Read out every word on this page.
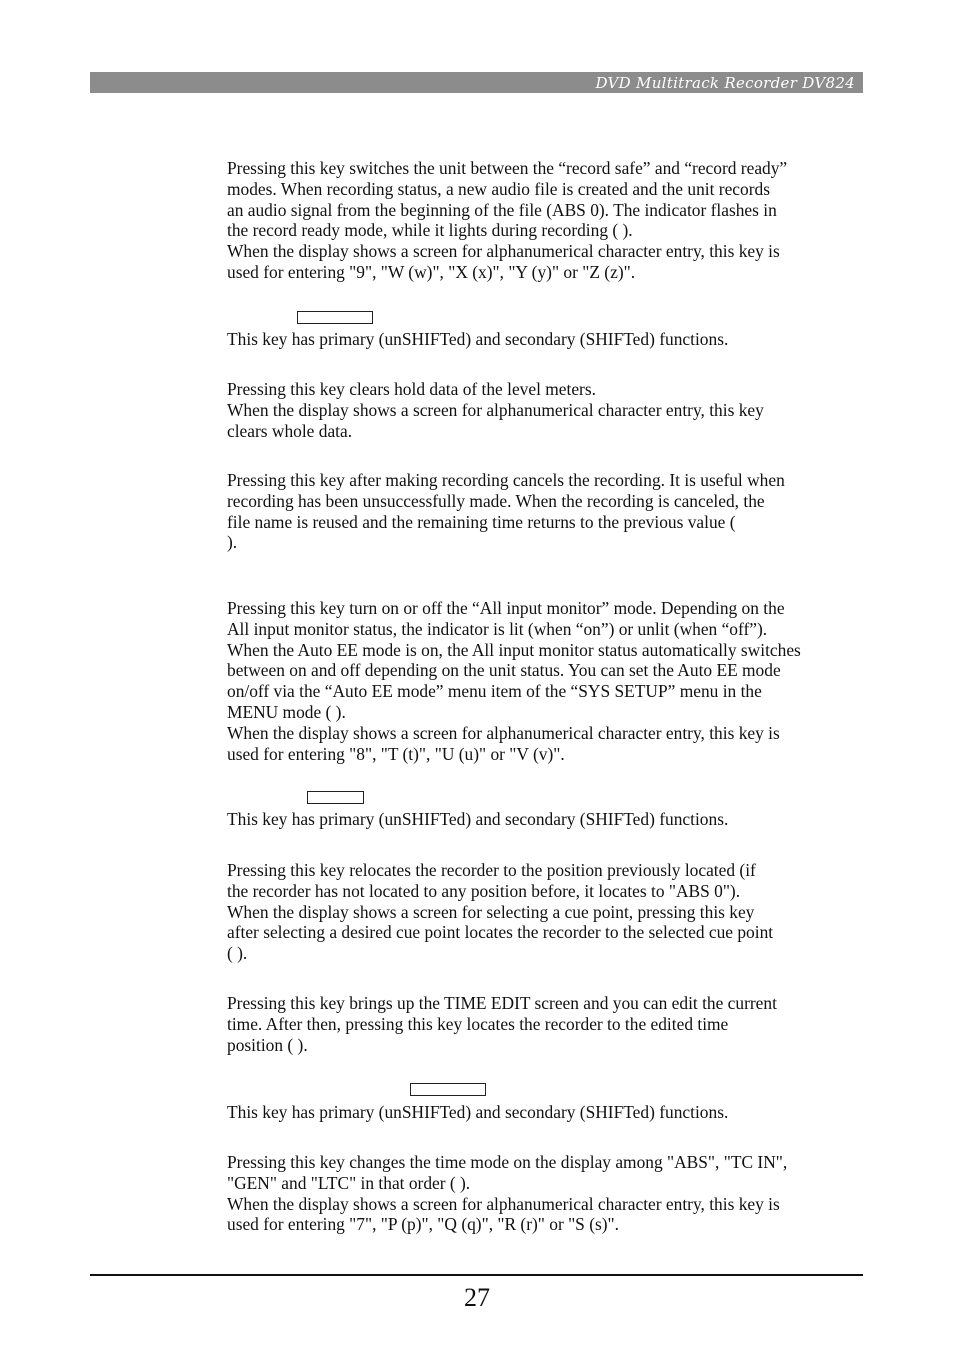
DVD Multitrack Recorder DV824
Pressing this key switches the unit between the “record safe” and “record ready”
modes. When recording status, a new audio file is created and the unit records
an audio signal from the beginning of the file (ABS 0). The indicator flashes in
the record ready mode, while it lights during recording ( ).
When the display shows a screen for alphanumerical character entry, this key is
used for entering "9", "W (w)", "X (x)", "Y (y)" or "Z (z)".
This key has primary (unSHIFTed) and secondary (SHIFTed) functions.
Pressing this key clears hold data of the level meters.
When the display shows a screen for alphanumerical character entry, this key
clears whole data.
Pressing this key after making recording cancels the recording. It is useful when
recording has been unsuccessfully made. When the recording is canceled, the
file name is reused and the remaining time returns to the previous value (
).
Pressing this key turn on or off the “All input monitor” mode. Depending on the
All input monitor status, the indicator is lit (when “on”) or unlit (when “off”).
When the Auto EE mode is on, the All input monitor status automatically switches
between on and off depending on the unit status. You can set the Auto EE mode
on/off via the “Auto EE mode” menu item of the “SYS SETUP” menu in the
MENU mode ( ).
When the display shows a screen for alphanumerical character entry, this key is
used for entering "8", "T (t)", "U (u)" or "V (v)".
This key has primary (unSHIFTed) and secondary (SHIFTed) functions.
Pressing this key relocates the recorder to the position previously located (if
the recorder has not located to any position before, it locates to "ABS 0").
When the display shows a screen for selecting a cue point, pressing this key
after selecting a desired cue point locates the recorder to the selected cue point
( ).
Pressing this key brings up the TIME EDIT screen and you can edit the current
time. After then, pressing this key locates the recorder to the edited time
position ( ).
This key has primary (unSHIFTed) and secondary (SHIFTed) functions.
Pressing this key changes the time mode on the display among "ABS", "TC IN",
"GEN" and "LTC" in that order ( ).
When the display shows a screen for alphanumerical character entry, this key is
used for entering "7", "P (p)", "Q (q)", "R (r)" or "S (s)".
27
